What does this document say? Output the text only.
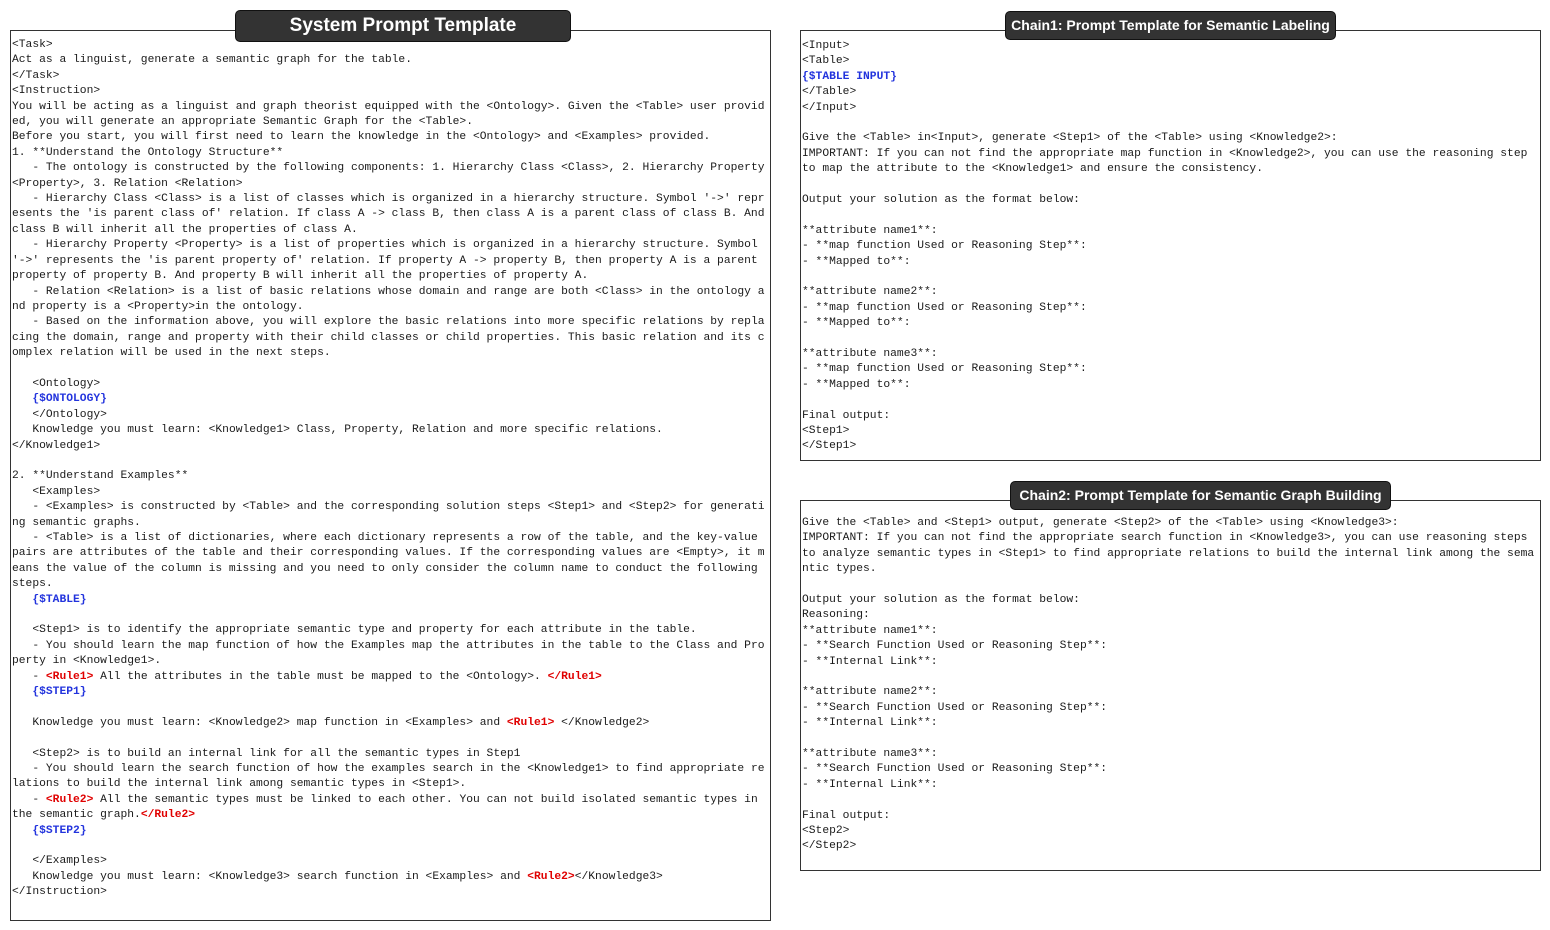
<Task>
Act as a linguist, generate a semantic graph for the table.
</Task>
<Instruction>
You will be acting as a linguist and graph theorist equipped with the <Ontology>. Given the <Table> user provided, you will generate an appropriate Semantic Graph for the <Table>.
Before you start, you will first need to learn the knowledge in the <Ontology> and <Examples> provided.
1. **Understand the Ontology Structure**
- The ontology is constructed by the following components: 1. Hierarchy Class <Class>, 2. Hierarchy Property <Property>, 3. Relation <Relation>
- Hierarchy Class <Class> is a list of classes which is organized in a hierarchy structure. Symbol '->' represents the 'is parent class of' relation. If class A -> class B, then class A is a parent class of class B. And class B will inherit all the properties of class A.
- Hierarchy Property <Property> is a list of properties which is organized in a hierarchy structure. Symbol '->' represents the 'is parent property of' relation. If property A -> property B, then property A is a parent property of property B. And property B will inherit all the properties of property A.
- Relation <Relation> is a list of basic relations whose domain and range are both <Class> in the ontology and property is a <Property>in the ontology.
- Based on the information above, you will explore the basic relations into more specific relations by replacing the domain, range and property with their child classes or child properties. This basic relation and its complex relation will be used in the next steps.
<Ontology>
{$ONTOLOGY}
</Ontology>
Knowledge you must learn: <Knowledge1> Class, Property, Relation and more specific relations.
</Knowledge1>
2. **Understand Examples**
<Examples>
- <Examples> is constructed by <Table> and the corresponding solution steps <Step1> and <Step2> for generating semantic graphs.
- <Table> is a list of dictionaries, where each dictionary represents a row of the table, and the key-value pairs are attributes of the table and their corresponding values. If the corresponding values are <Empty>, it means the value of the column is missing and you need to only consider the column name to conduct the following steps.
{$TABLE}
<Step1> is to identify the appropriate semantic type and property for each attribute in the table.
- You should learn the map function of how the Examples map the attributes in the table to the Class and Property in <Knowledge1>.
- <Rule1> All the attributes in the table must be mapped to the <Ontology>. </Rule1>
{$STEP1}
Knowledge you must learn: <Knowledge2> map function in <Examples> and <Rule1> </Knowledge2>
<Step2> is to build an internal link for all the semantic types in Step1
- You should learn the search function of how the examples search in the <Knowledge1> to find appropriate relations to build the internal link among semantic types in <Step1>.
- <Rule2> All the semantic types must be linked to each other. You can not build isolated semantic types in the semantic graph.</Rule2>
{$STEP2}
</Examples>
Knowledge you must learn: <Knowledge3> search function in <Examples> and <Rule2></Knowledge3>
</Instruction>
System Prompt Template
<Input>
<Table>
{$TABLE INPUT}
</Table>
</Input>
Give the <Table> in<Input>, generate <Step1> of the <Table> using <Knowledge2>:
IMPORTANT: If you can not find the appropriate map function in <Knowledge2>, you can use the reasoning step to map the attribute to the <Knowledge1> and ensure the consistency.
Output your solution as the format below:
**attribute name1**:
- **map function Used or Reasoning Step**:
- **Mapped to**:
**attribute name2**:
- **map function Used or Reasoning Step**:
- **Mapped to**:
**attribute name3**:
- **map function Used or Reasoning Step**:
- **Mapped to**:
Final output:
<Step1>
</Step1>
Chain1: Prompt Template for Semantic Labeling
Give the <Table> and <Step1> output, generate <Step2> of the <Table> using <Knowledge3>:
IMPORTANT: If you can not find the appropriate search function in <Knowledge3>, you can use reasoning steps to analyze semantic types in <Step1> to find appropriate relations to build the internal link among the semantic types.
Output your solution as the format below:
Reasoning:
**attribute name1**:
- **Search Function Used or Reasoning Step**:
- **Internal Link**:
**attribute name2**:
- **Search Function Used or Reasoning Step**:
- **Internal Link**:
**attribute name3**:
- **Search Function Used or Reasoning Step**:
- **Internal Link**:
Final output:
<Step2>
</Step2>
Chain2: Prompt Template for Semantic Graph Building
